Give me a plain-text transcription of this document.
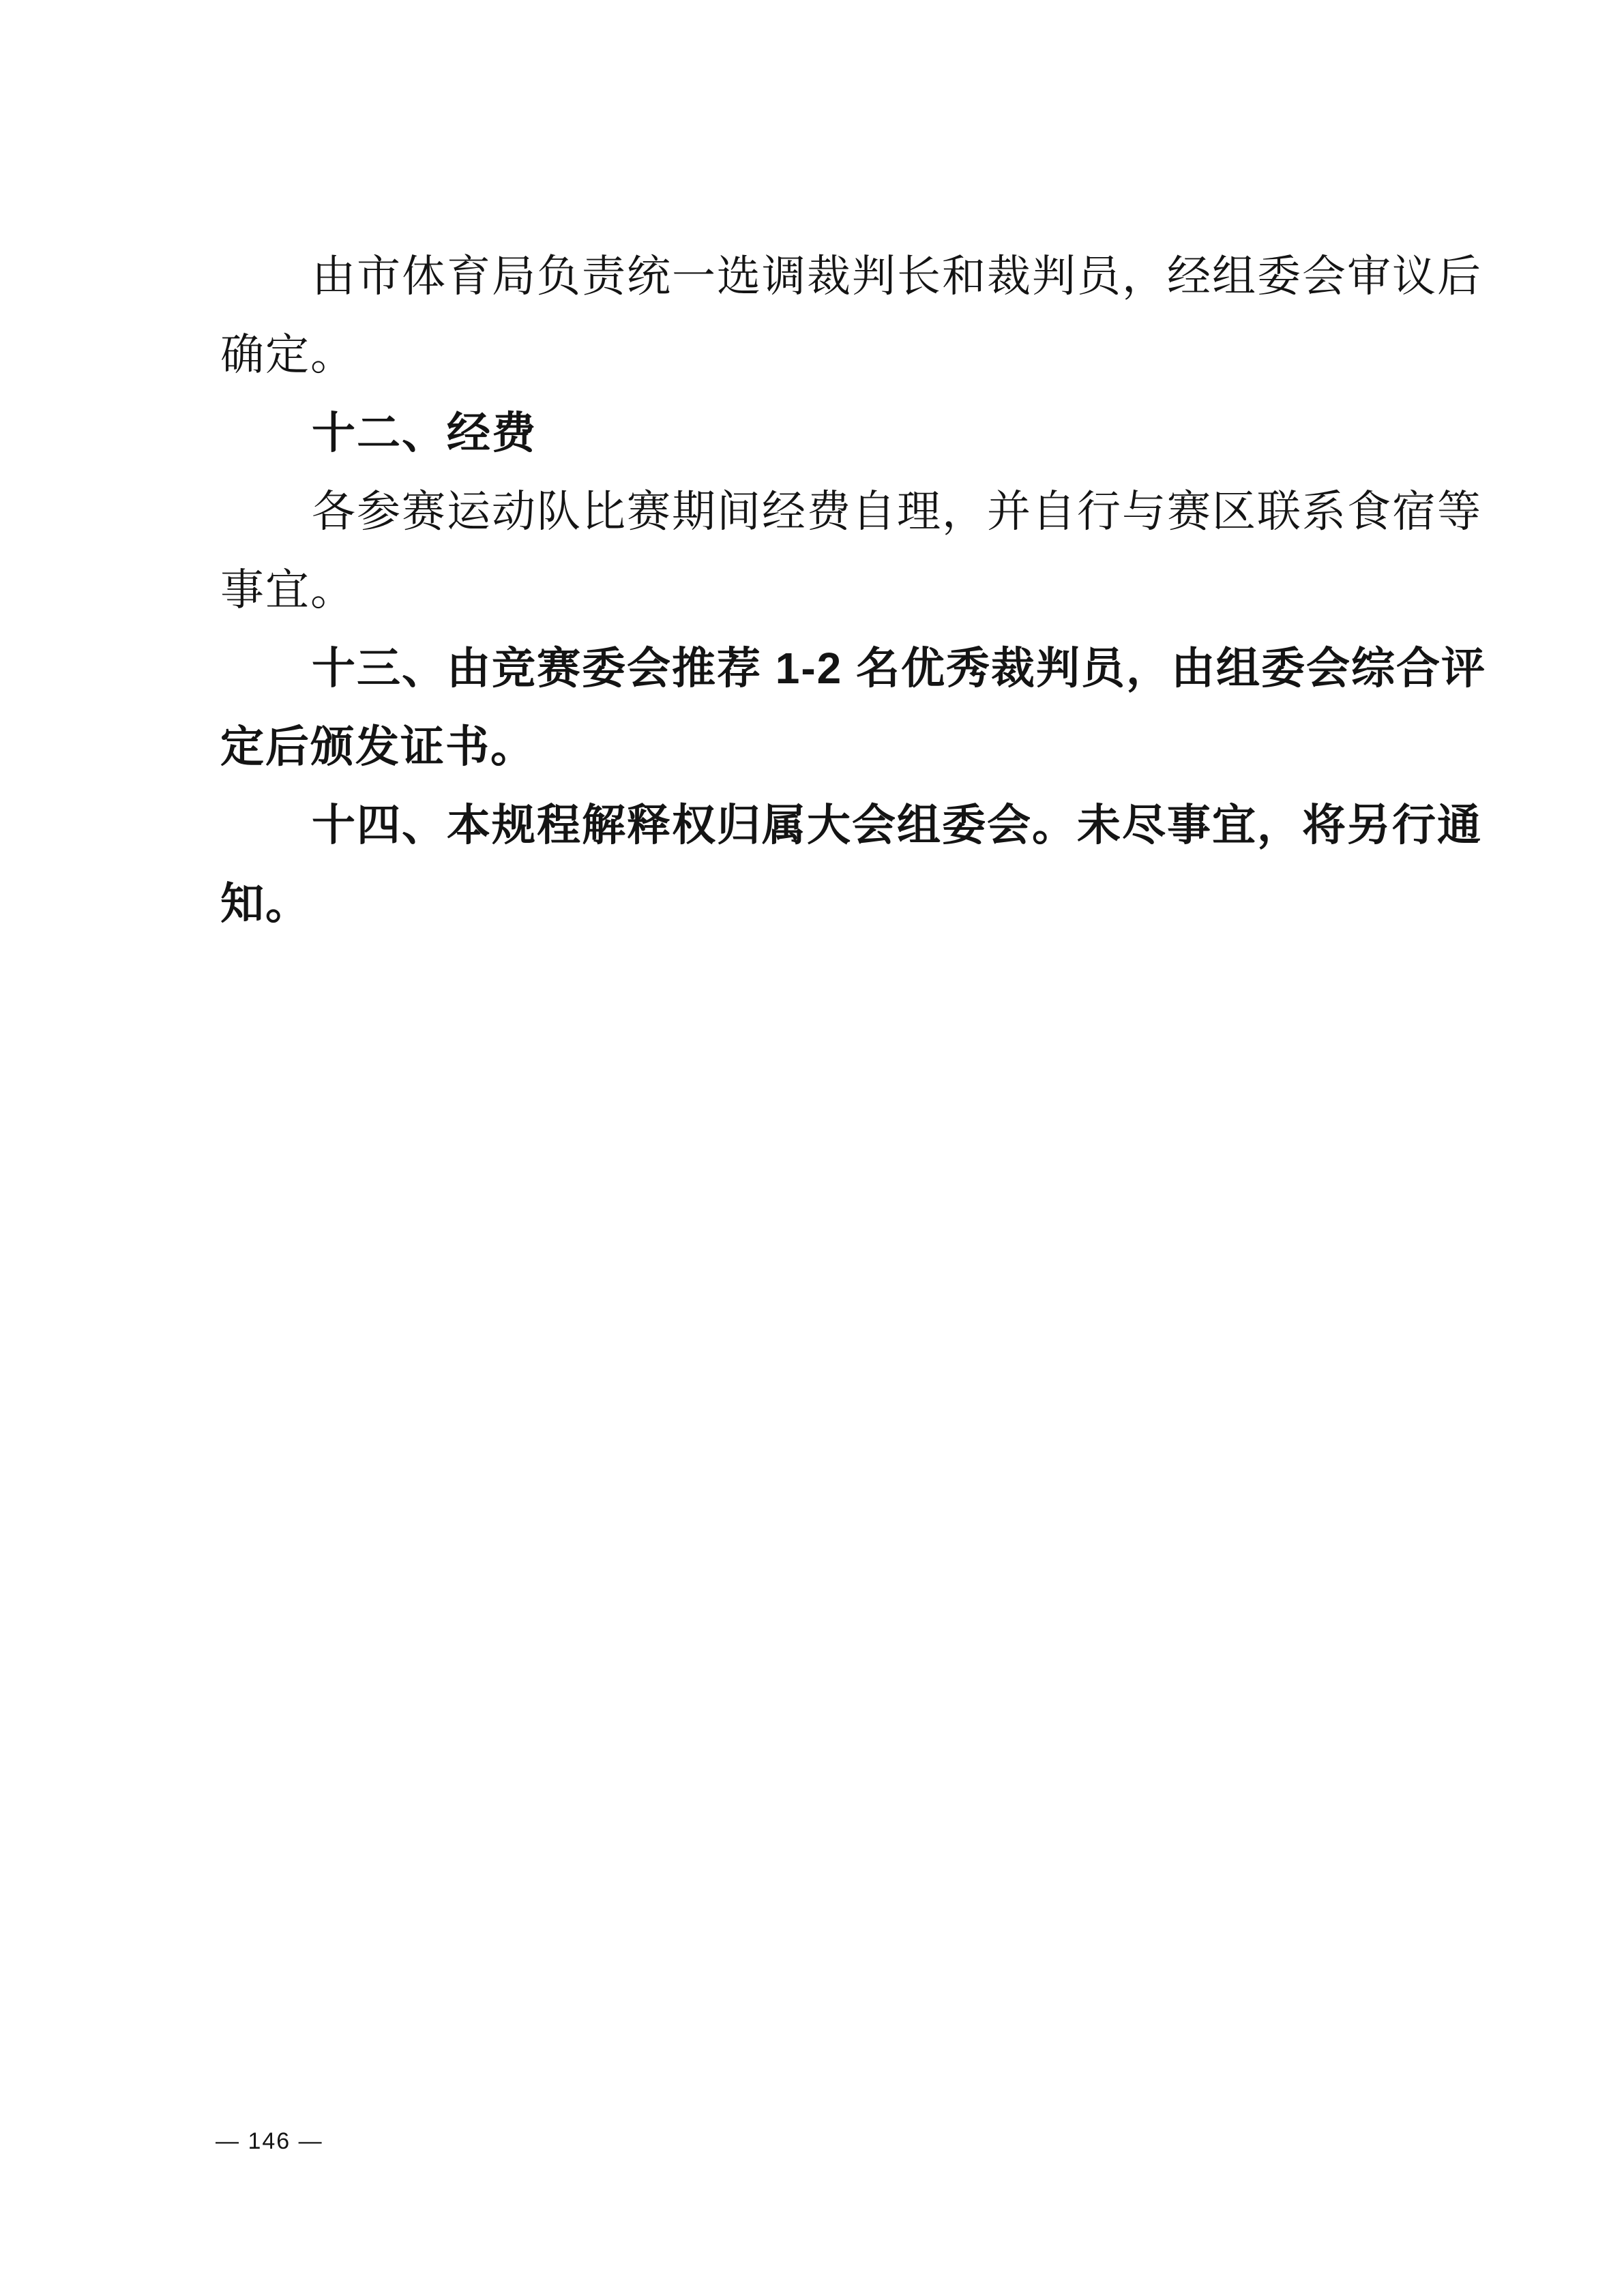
由市体育局负责统一选调裁判长和裁判员，经组委会审议后
确定。

十二、经费

各参赛运动队比赛期间经费自理，并自行与赛区联系食宿等
事宜。

十三、由竞赛委会推荐 1-2 名优秀裁判员，由组委会综合评
定后颁发证书。

十四、本规程解释权归属大会组委会。未尽事宜，将另行通
知。

— 146 —
